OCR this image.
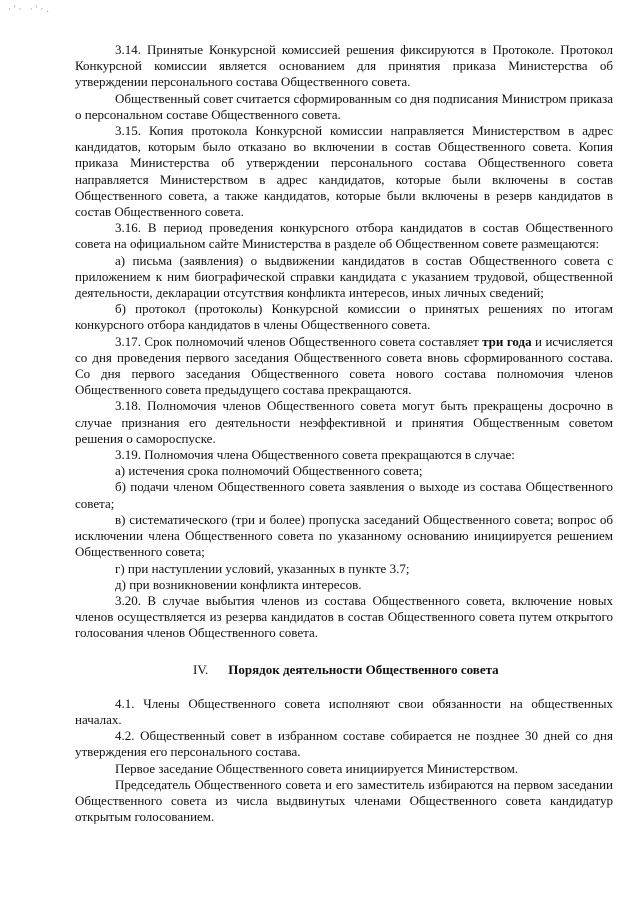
·'· ·'·.

3.14. Принятые Конкурсной комиссией решения фиксируются в Протоколе. Протокол Конкурсной комиссии является основанием для принятия приказа Министерства об утверждении персонального состава Общественного совета.

Общественный совет считается сформированным со дня подписания Министром приказа о персональном составе Общественного совета.

3.15. Копия протокола Конкурсной комиссии направляется Министерством в адрес кандидатов, которым было отказано во включении в состав Общественного совета. Копия приказа Министерства об утверждении персонального состава Общественного совета направляется Министерством в адрес кандидатов, которые были включены в состав Общественного совета, а также кандидатов, которые были включены в резерв кандидатов в состав Общественного совета.

3.16. В период проведения конкурсного отбора кандидатов в состав Общественного совета на официальном сайте Министерства в разделе об Общественном совете размещаются:

а) письма (заявления) о выдвижении кандидатов в состав Общественного совета с приложением к ним биографической справки кандидата с указанием трудовой, общественной деятельности, декларации отсутствия конфликта интересов, иных личных сведений;

б) протокол (протоколы) Конкурсной комиссии о принятых решениях по итогам конкурсного отбора кандидатов в члены Общественного совета.

3.17. Срок полномочий членов Общественного совета составляет три года и исчисляется со дня проведения первого заседания Общественного совета вновь сформированного состава. Со дня первого заседания Общественного совета нового состава полномочия членов Общественного совета предыдущего состава прекращаются.

3.18. Полномочия членов Общественного совета могут быть прекращены досрочно в случае признания его деятельности неэффективной и принятия Общественным советом решения о самороспуске.

3.19. Полномочия члена Общественного совета прекращаются в случае:

а) истечения срока полномочий Общественного совета;

б) подачи членом Общественного совета заявления о выходе из состава Общественного совета;

в) систематического (три и более) пропуска заседаний Общественного совета; вопрос об исключении члена Общественного совета по указанному основанию инициируется решением Общественного совета;

г) при наступлении условий, указанных в пункте 3.7;

д) при возникновении конфликта интересов.

3.20. В случае выбытия членов из состава Общественного совета, включение новых членов осуществляется из резерва кандидатов в состав Общественного совета путем открытого голосования членов Общественного совета.

IV. Порядок деятельности Общественного совета

4.1. Члены Общественного совета исполняют свои обязанности на общественных началах.

4.2. Общественный совет в избранном составе собирается не позднее 30 дней со дня утверждения его персонального состава.

Первое заседание Общественного совета инициируется Министерством.

Председатель Общественного совета и его заместитель избираются на первом заседании Общественного совета из числа выдвинутых членами Общественного совета кандидатур открытым голосованием.
